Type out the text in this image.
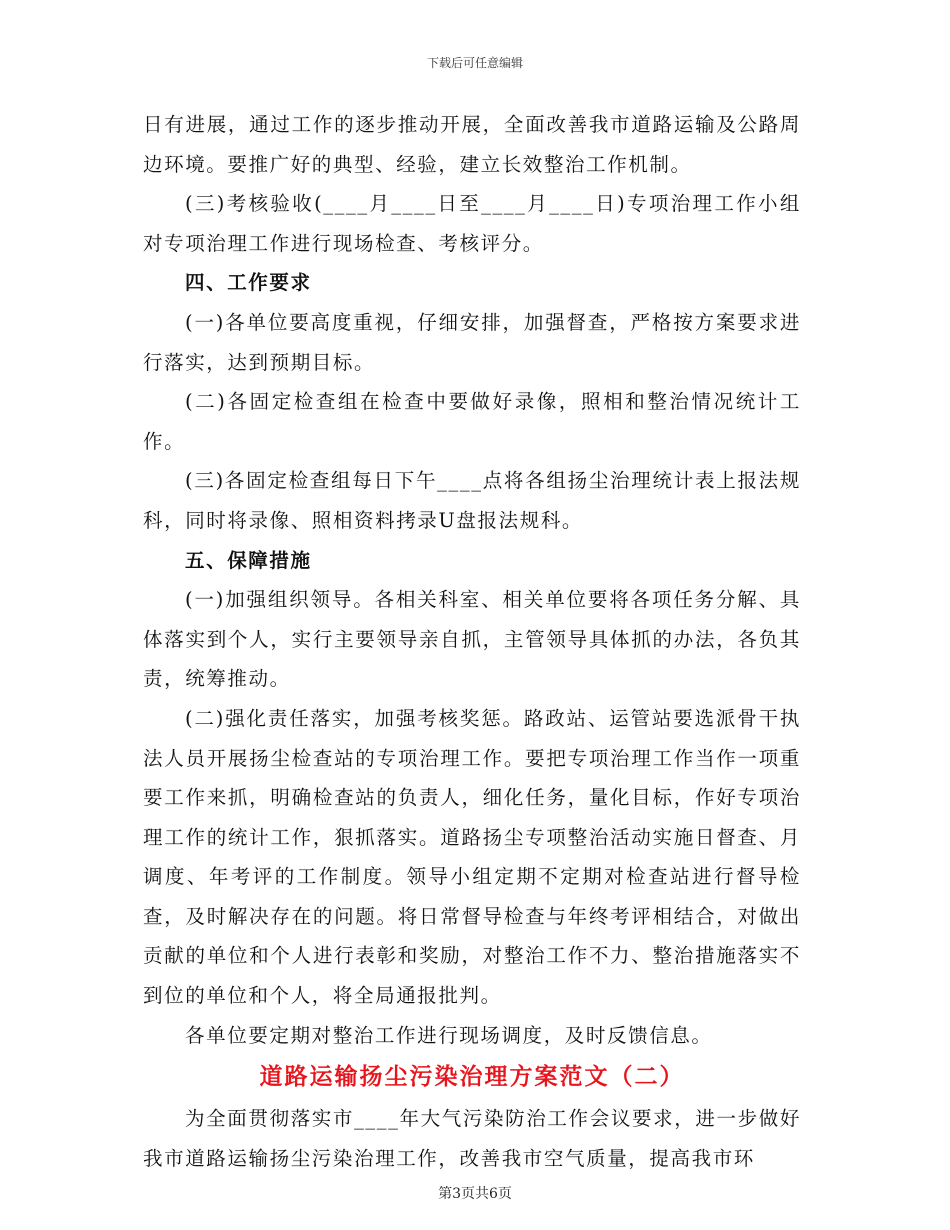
下载后可任意编辑

日有进展，通过工作的逐步推动开展，全面改善我市道路运输及公路周边环境。要推广好的典型、经验，建立长效整治工作机制。

(三)考核验收(____月____日至____月____日)专项治理工作小组对专项治理工作进行现场检查、考核评分。

四、工作要求

(一)各单位要高度重视，仔细安排，加强督查，严格按方案要求进行落实，达到预期目标。

(二)各固定检查组在检查中要做好录像，照相和整治情况统计工作。

(三)各固定检查组每日下午____点将各组扬尘治理统计表上报法规科，同时将录像、照相资料拷录U盘报法规科。

五、保障措施

(一)加强组织领导。各相关科室、相关单位要将各项任务分解、具体落实到个人，实行主要领导亲自抓，主管领导具体抓的办法，各负其责，统筹推动。

(二)强化责任落实，加强考核奖惩。路政站、运管站要选派骨干执法人员开展扬尘检查站的专项治理工作。要把专项治理工作当作一项重要工作来抓，明确检查站的负责人，细化任务，量化目标，作好专项治理工作的统计工作，狠抓落实。道路扬尘专项整治活动实施日督查、月调度、年考评的工作制度。领导小组定期不定期对检查站进行督导检查，及时解决存在的问题。将日常督导检查与年终考评相结合，对做出贡献的单位和个人进行表彰和奖励，对整治工作不力、整治措施落实不到位的单位和个人，将全局通报批判。

各单位要定期对整治工作进行现场调度，及时反馈信息。

道路运输扬尘污染治理方案范文（二）

为全面贯彻落实市____年大气污染防治工作会议要求，进一步做好我市道路运输扬尘污染治理工作，改善我市空气质量，提高我市环

第3页共6页
